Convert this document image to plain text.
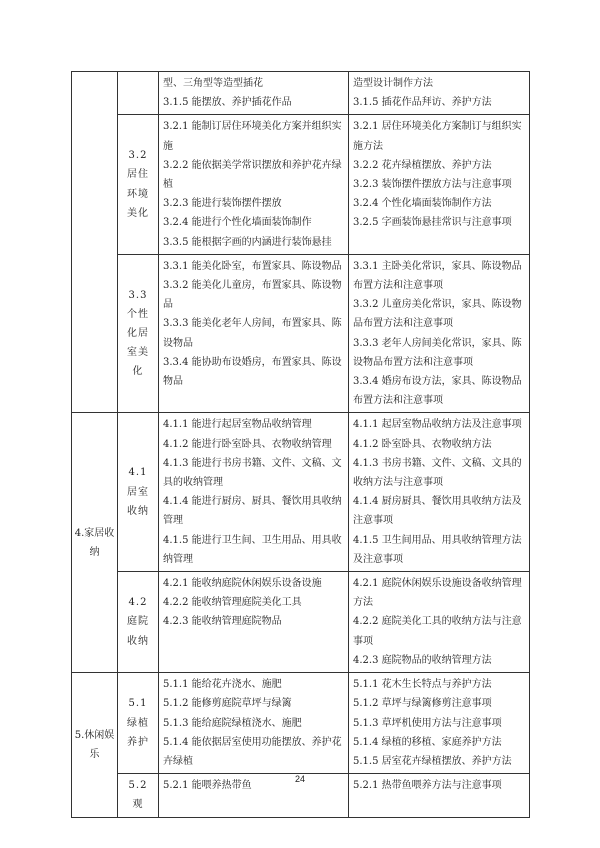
		型、三角型等造型插花
3.1.5 能摆放、养护插花作品	造型设计制作方法
3.1.5 插花作品拜访、养护方法

	3.2 居住环境美化	3.2.1 能制订居住环境美化方案并组织实施
3.2.2 能依据美学常识摆放和养护花卉绿植
3.2.3 能进行装饰摆件摆放
3.2.4 能进行个性化墙面装饰制作
3.3.5 能根据字画的内涵进行装饰悬挂	3.2.1 居住环境美化方案制订与组织实施方法
3.2.2 花卉绿植摆放、养护方法
3.2.3 装饰摆件摆放方法与注意事项
3.2.4 个性化墙面装饰制作方法
3.2.5 字画装饰悬挂常识与注意事项

	3.3 个性化居室美化	3.3.1 能美化卧室，布置家具、陈设物品
3.3.2 能美化儿童房，布置家具、陈设物品
3.3.3 能美化老年人房间，布置家具、陈设物品
3.3.4 能协助布设婚房，布置家具、陈设物品	3.3.1 主卧美化常识，家具、陈设物品布置方法和注意事项
3.3.2 儿童房美化常识，家具、陈设物品布置方法和注意事项
3.3.3 老年人房间美化常识，家具、陈设物品布置方法和注意事项
3.3.4 婚房布设方法，家具、陈设物品布置方法和注意事项

4.家居收纳	4.1 居室收纳	4.1.1 能进行起居室物品收纳管理
4.1.2 能进行卧室卧具、衣物收纳管理
4.1.3 能进行书房书籍、文件、文稿、文具的收纳管理
4.1.4 能进行厨房、厨具、餐饮用具收纳管理
4.1.5 能进行卫生间、卫生用品、用具收纳管理	4.1.1 起居室物品收纳方法及注意事项
4.1.2 卧室卧具、衣物收纳方法
4.1.3 书房书籍、文件、文稿、文具的收纳方法与注意事项
4.1.4 厨房厨具、餐饮用具收纳方法及注意事项
4.1.5 卫生间用品、用具收纳管理方法及注意事项

	4.2 庭院收纳	4.2.1 能收纳庭院休闲娱乐设备设施
4.2.2 能收纳管理庭院美化工具
4.2.3 能收纳管理庭院物品	4.2.1 庭院休闲娱乐设施设备收纳管理方法
4.2.2 庭院美化工具的收纳方法与注意事项
4.2.3 庭院物品的收纳管理方法

5.休闲娱乐	5.1 绿植养护	5.1.1 能给花卉浇水、施肥
5.1.2 能修剪庭院草坪与绿篱
5.1.3 能给庭院绿植浇水、施肥
5.1.4 能依据居室使用功能摆放、养护花卉绿植	5.1.1 花木生长特点与养护方法
5.1.2 草坪与绿篱修剪注意事项
5.1.3 草坪机使用方法与注意事项
5.1.4 绿植的移植、家庭养护方法
5.1.5 居室花卉绿植摆放、养护方法

	5.2 观	5.2.1 能喂养热带鱼	5.2.1 热带鱼喂养方法与注意事项
24
